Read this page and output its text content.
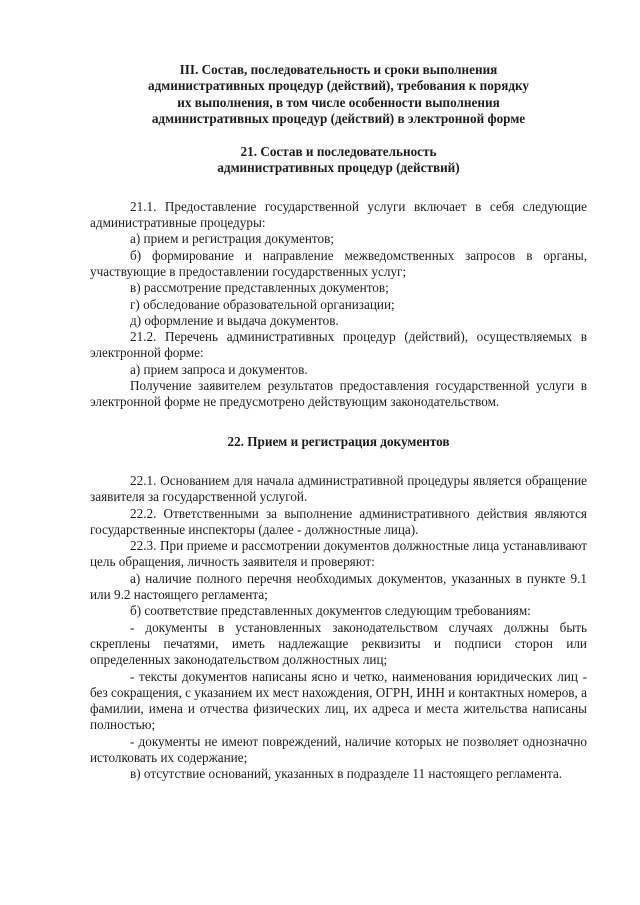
III. Состав, последовательность и сроки выполнения
административных процедур (действий), требования к порядку
их выполнения, в том числе особенности выполнения
административных процедур (действий) в электронной форме
21. Состав и последовательность
административных процедур (действий)

21.1. Предоставление государственной услуги включает в себя следующие административные процедуры:

а) прием и регистрация документов;

б) формирование и направление межведомственных запросов в органы, участвующие в предоставлении государственных услуг;

в) рассмотрение представленных документов;

г) обследование образовательной организации;

д) оформление и выдача документов.

21.2. Перечень административных процедур (действий), осуществляемых в электронной форме:

а) прием запроса и документов.

Получение заявителем результатов предоставления государственной услуги в электронной форме не предусмотрено действующим законодательством.

22. Прием и регистрация документов

22.1. Основанием для начала административной процедуры является обращение заявителя за государственной услугой.

22.2. Ответственными за выполнение административного действия являются государственные инспекторы (далее - должностные лица).

22.3. При приеме и рассмотрении документов должностные лица устанавливают цель обращения, личность заявителя и проверяют:

а) наличие полного перечня необходимых документов, указанных в пункте 9.1 или 9.2 настоящего регламента;

б) соответствие представленных документов следующим требованиям:

- документы в установленных законодательством случаях должны быть скреплены печатями, иметь надлежащие реквизиты и подписи сторон или определенных законодательством должностных лиц;

- тексты документов написаны ясно и четко, наименования юридических лиц - без сокращения, с указанием их мест нахождения, ОГРН, ИНН и контактных номеров, а фамилии, имена и отчества физических лиц, их адреса и места жительства написаны полностью;

- документы не имеют повреждений, наличие которых не позволяет однозначно истолковать их содержание;

в) отсутствие оснований, указанных в подразделе 11 настоящего регламента.
